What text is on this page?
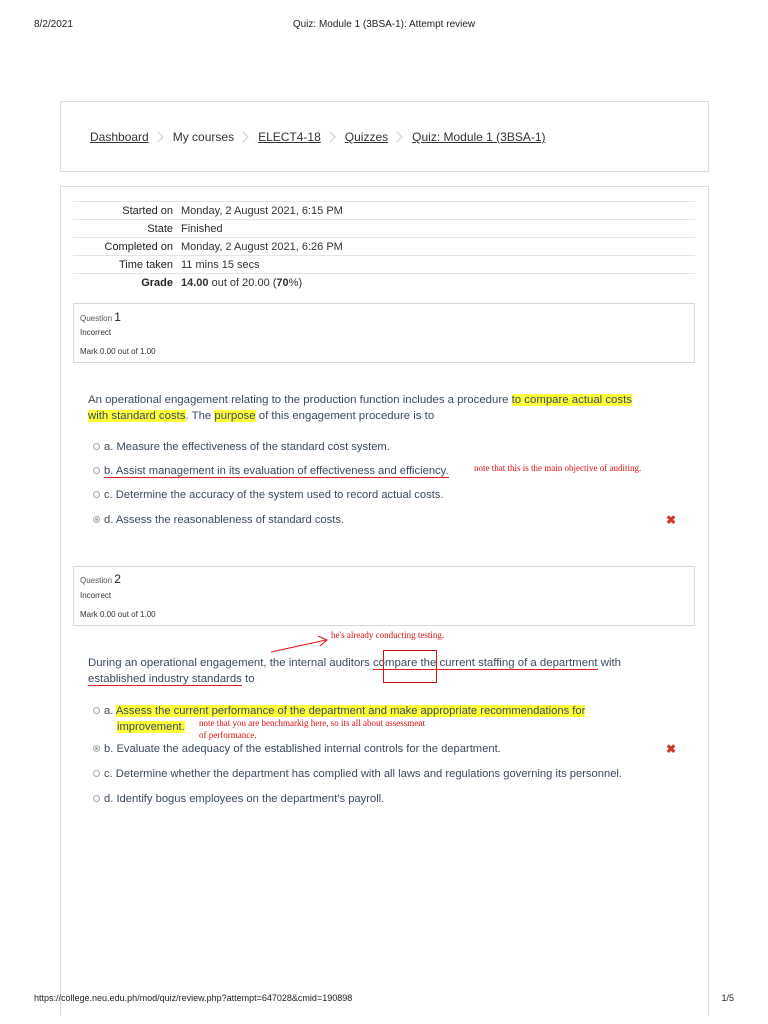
8/2/2021	Quiz: Module 1 (3BSA-1): Attempt review
Dashboard My courses ELECT4-18 Quizzes Quiz: Module 1 (3BSA-1)
Started on	Monday, 2 August 2021, 6:15 PM
State	Finished
Completed on	Monday, 2 August 2021, 6:26 PM
Time taken	11 mins 15 secs
Grade	14.00 out of 20.00 (70%)
Question 1
Incorrect
Mark 0.00 out of 1.00
An operational engagement relating to the production function includes a procedure to compare actual costs
with standard costs. The purpose of this engagement procedure is to
a. Measure the effectiveness of the standard cost system.
b. Assist management in its evaluation of effectiveness and efficiency.
c. Determine the accuracy of the system used to record actual costs.
d. Assess the reasonableness of standard costs.
note that this is the main objective of auditing.
✖
Question 2
Incorrect
Mark 0.00 out of 1.00
he's already conducting testing.
During an operational engagement, the internal auditors compare the current staffing of a department with
established industry standards to
a. Assess the current performance of the department and make appropriate recommendations for
improvement.	note that you are benchmarkig here, so its all about assessment
of performance.
b. Evaluate the adequacy of the established internal controls for the department.
c. Determine whether the department has complied with all laws and regulations governing its personnel.
d. Identify bogus employees on the department’s payroll.
✖
https://college.neu.edu.ph/mod/quiz/review.php?attempt=647028&cmid=190898	1/5
